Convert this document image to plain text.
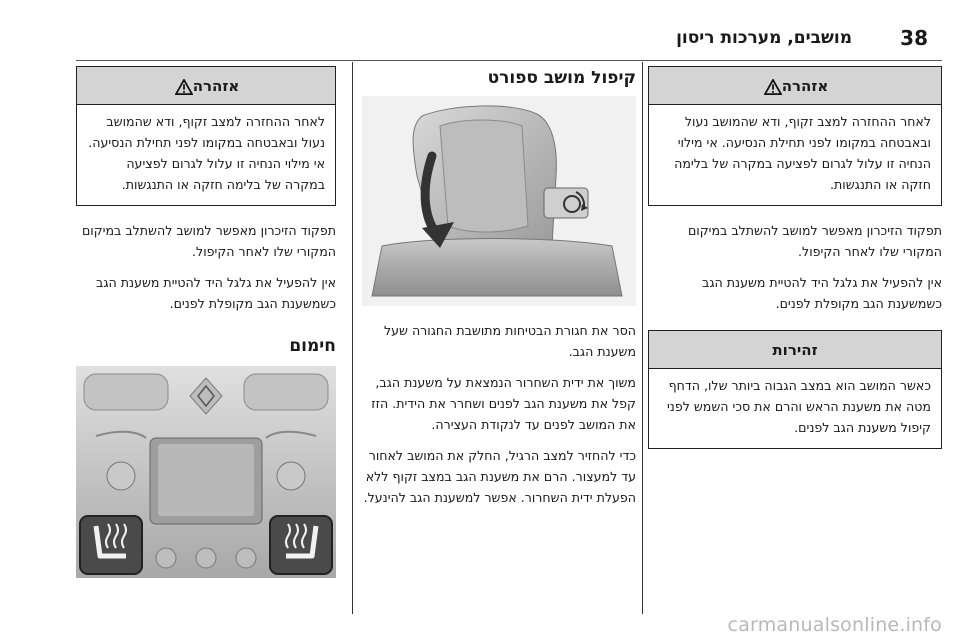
38
מושבים, מערכות ריסון
אזהרה
לאחר ההחזרה למצב זקוף, ודא שהמושב נעול ובאבטחה במקומו לפני תחילת הנסיעה. אי מילוי הנחיה זו עלול לגרום לפציעה במקרה של בלימה חזקה או התנגשות.
תפקוד הזיכרון מאפשר למושב להשתלב במיקום המקורי שלו לאחר הקיפול.
אין להפעיל את גלגל היד להטיית משענת הגב כשמשענת הגב מקופלת לפנים.
זהירות
כאשר המושב הוא במצב הגבוה ביותר שלו, הדחף מטה את משענת הראש והרם את סכי השמש לפני קיפול משענת הגב לפנים.
קיפול מושב ספורט
הסר את חגורת הבטיחות מתושבת החגורה שעל משענת הגב.
משוך את ידית השחרור הנמצאת על משענת הגב, קפל את משענת הגב לפנים ושחרר את הידית. הזז את המושב לפנים עד לנקודת העצירה.
כדי להחזיר למצב הרגיל, החלק את המושב לאחור עד למעצור. הרם את משענת הגב במצב זקוף ללא הפעלת ידית השחרור. אפשר למשענת הגב להינעל.
אזהרה
לאחר ההחזרה למצב זקוף, ודא שהמושב נעול ובאבטחה במקומו לפני תחילת הנסיעה. אי מילוי הנחיה זו עלול לגרום לפציעה במקרה של בלימה חזקה או התנגשות.
תפקוד הזיכרון מאפשר למושב להשתלב במיקום המקורי שלו לאחר הקיפול.
אין להפעיל את גלגל היד להטיית משענת הגב כשמשענת הגב מקופלת לפנים.
חימום
carmanualsonline.info
